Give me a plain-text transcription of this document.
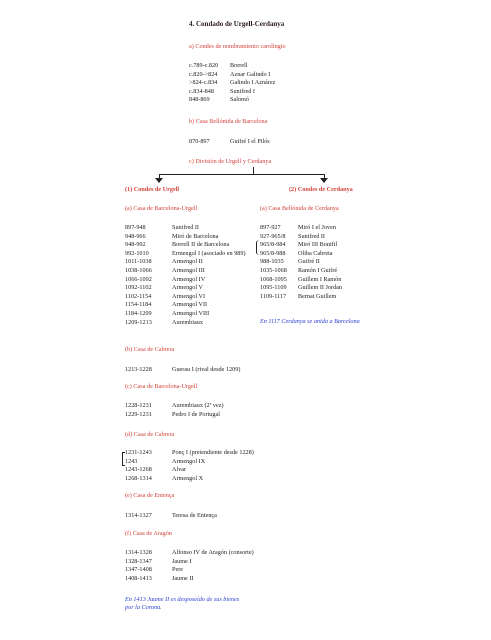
4. Condado de Urgell-Cerdanya
a) Condes de nombramiento carolingio
c.789-c.820 Borrell
c.820->824 Aznar Galindo I
>824-c.834 Galindo I Aznárez
c.834-848	Sunifred I
848-869	Salomó
b) Casa Bellónida de Barcelona
870-897	Guifré I el Pilós
c) División de Urgell y Cerdanya
(1) Condes de Urgell
(a) Casa de Barcelona-Urgell
897-948	Sunifred II
948-966	Miró de Barcelona
948-992	Borrell II de Barcelona
992-1010	Ermengol I (asociado en 989)
1011-1038	Armengol II
1038-1066	Armengol III
1066-1092	Armengol IV
1092-1102	Armengol V
1102-1154	Armengol VI
1154-1184	Armengol VII
1184-1209	Armengol VIII
1209-1213	Aurembiaux
(b) Casa de Cabrera
1213-1228	Guerau I (rival desde 1209)
(c) Casa de Barcelona-Urgell
1228-1231	Aurembiaux (2ª vez)
1229-1231	Pedro I de Portugal
(d) Casa de Cabrera
1231-1243	Ponç I (pretendiente desde 1228)
1243	Armengol IX
1243-1268	Alvar
1268-1314	Armengol X
(e) Casa de Entença
1314-1327	Teresa de Entença
(f) Casa de Aragón
1314-1328	Alfonso IV de Aragón (consorte)
1328-1347	Jaume I
1347-1408	Pere
1408-1413	Jaume II
En 1413 Jaume II es desposeído de sus bienes
por la Corona.
(2) Condes de Cerdanya
(a) Casa Bellónida de Cerdanya
897-927	Miró I el Joven
927-965/8 Sunifred II
965/8-984 Miró III Bonifil
965/8-988 Oliba Cabreta
988-1035 Guifré II
1035-1068 Ramón I Guifré
1068-1095 Guillem I Ramón
1095-1109 Guillem II Jordan
1109-1117 Bernat Guillem
En 1117 Cerdanya se anida a Barcelona
